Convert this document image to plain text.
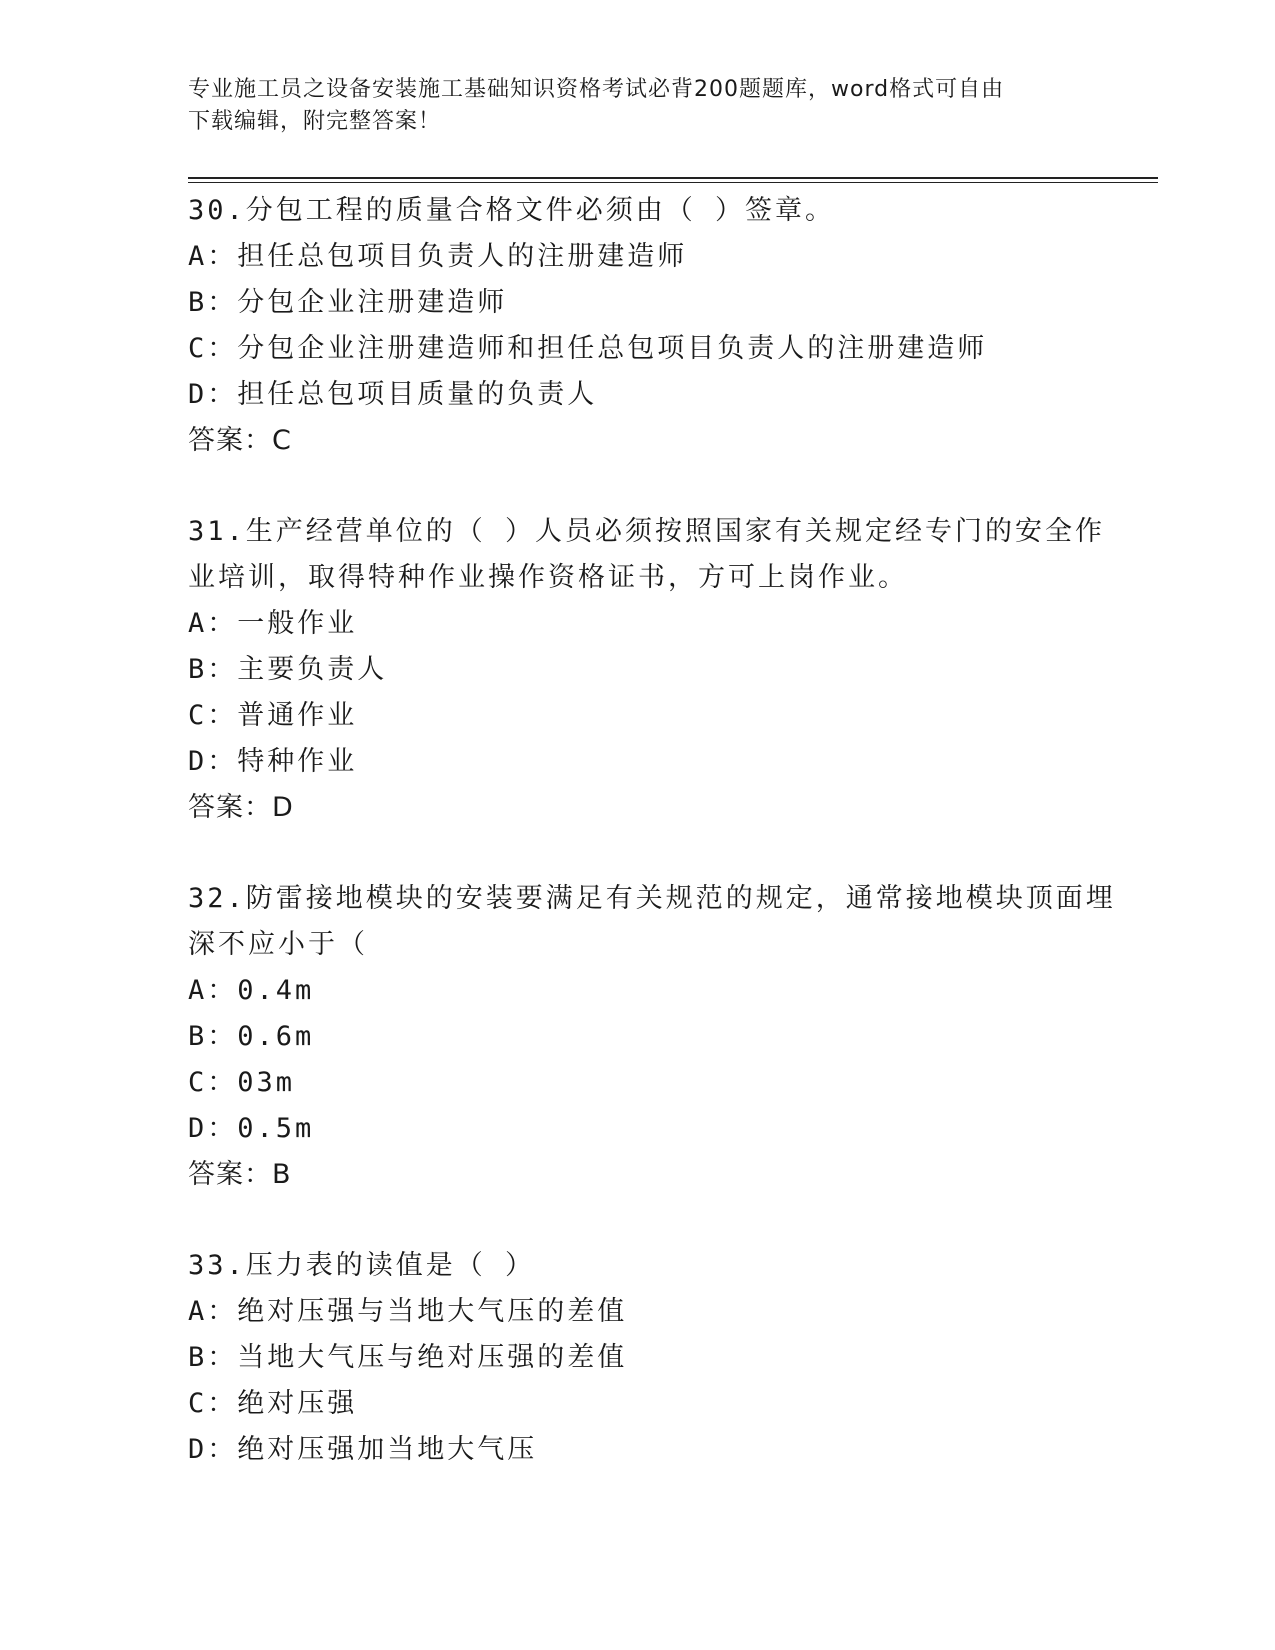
专业施工员之设备安装施工基础知识资格考试必背200题题库，word格式可自由
下载编辑，附完整答案！
30.分包工程的质量合格文件必须由（ ）签章。
A：担任总包项目负责人的注册建造师
B：分包企业注册建造师
C：分包企业注册建造师和担任总包项目负责人的注册建造师
D：担任总包项目质量的负责人
答案：C
31.生产经营单位的（ ）人员必须按照国家有关规定经专门的安全作
业培训，取得特种作业操作资格证书，方可上岗作业。
A：一般作业
B：主要负责人
C：普通作业
D：特种作业
答案：D
32.防雷接地模块的安装要满足有关规范的规定，通常接地模块顶面埋
深不应小于（
A：0.4m
B：0.6m
C：03m
D：0.5m
答案：B
33.压力表的读值是（ ）
A：绝对压强与当地大气压的差值
B：当地大气压与绝对压强的差值
C：绝对压强
D：绝对压强加当地大气压
